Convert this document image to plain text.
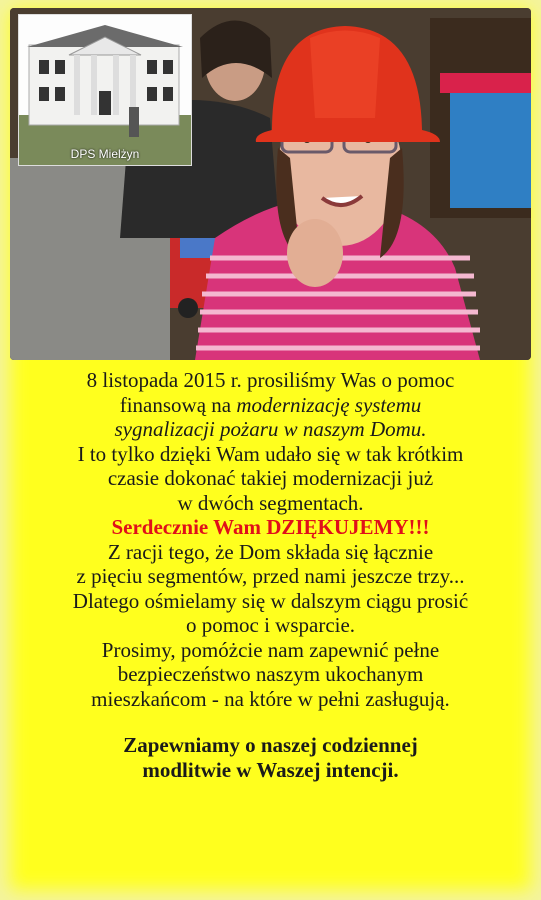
DPS Mielżyn

8 listopada 2015 r. prosiliśmy Was o pomoc

finansową na modernizację systemu

sygnalizacji pożaru w naszym Domu.

I to tylko dzięki Wam udało się w tak krótkim

czasie dokonać takiej modernizacji już

w dwóch segmentach.

Serdecznie Wam DZIĘKUJEMY!!!

Z racji tego, że Dom składa się łącznie

z pięciu segmentów, przed nami jeszcze trzy...

Dlatego ośmielamy się w dalszym ciągu prosić

o pomoc i wsparcie.

Prosimy, pomóżcie nam zapewnić pełne

bezpieczeństwo naszym ukochanym

mieszkańcom - na które w pełni zasługują.

Zapewniamy o naszej codziennej

modlitwie w Waszej intencji.
